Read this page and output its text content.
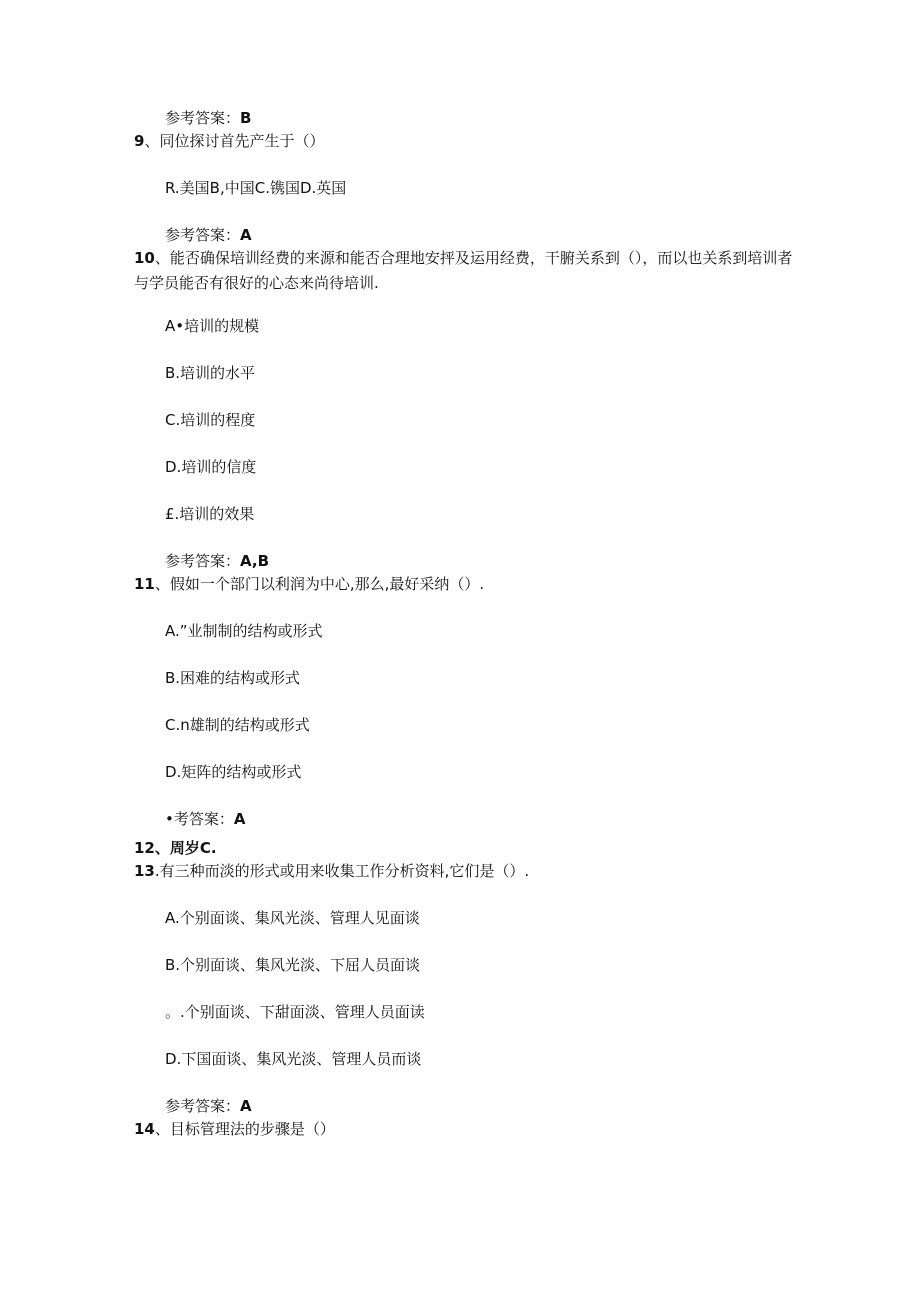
参考答案：B
9、同位探讨首先产生于（）
R.美国B,中国C.镌国D.英国
参考答案：A
10、能否确保培训经费的来源和能否合理地安抨及运用经费，干腑关系到（），而以也关系到培训者与学员能否有很好的心态来尚待培训.
A•培训的规模
B.培训的水平
C.培训的程度
D.培训的信度
£.培训的效果
参考答案：A,B
11、假如一个部门以利润为中心,那么,最好采纳（）.
A.”业制制的结构或形式
B.困难的结构或形式
C.n雄制的结构或形式
D.矩阵的结构或形式
•考答案：A
12、周岁C.
13.有三种而淡的形式或用来收集工作分析资料,它们是（）.
A.个别面谈、集风光淡、管理人见面谈
B.个别面谈、集风光淡、下屈人员面谈
。.个别面谈、下甜面淡、管理人员面读
D.下国面谈、集风光淡、管理人员而谈
参考答案：A
14、目标管理法的步骤是（）
